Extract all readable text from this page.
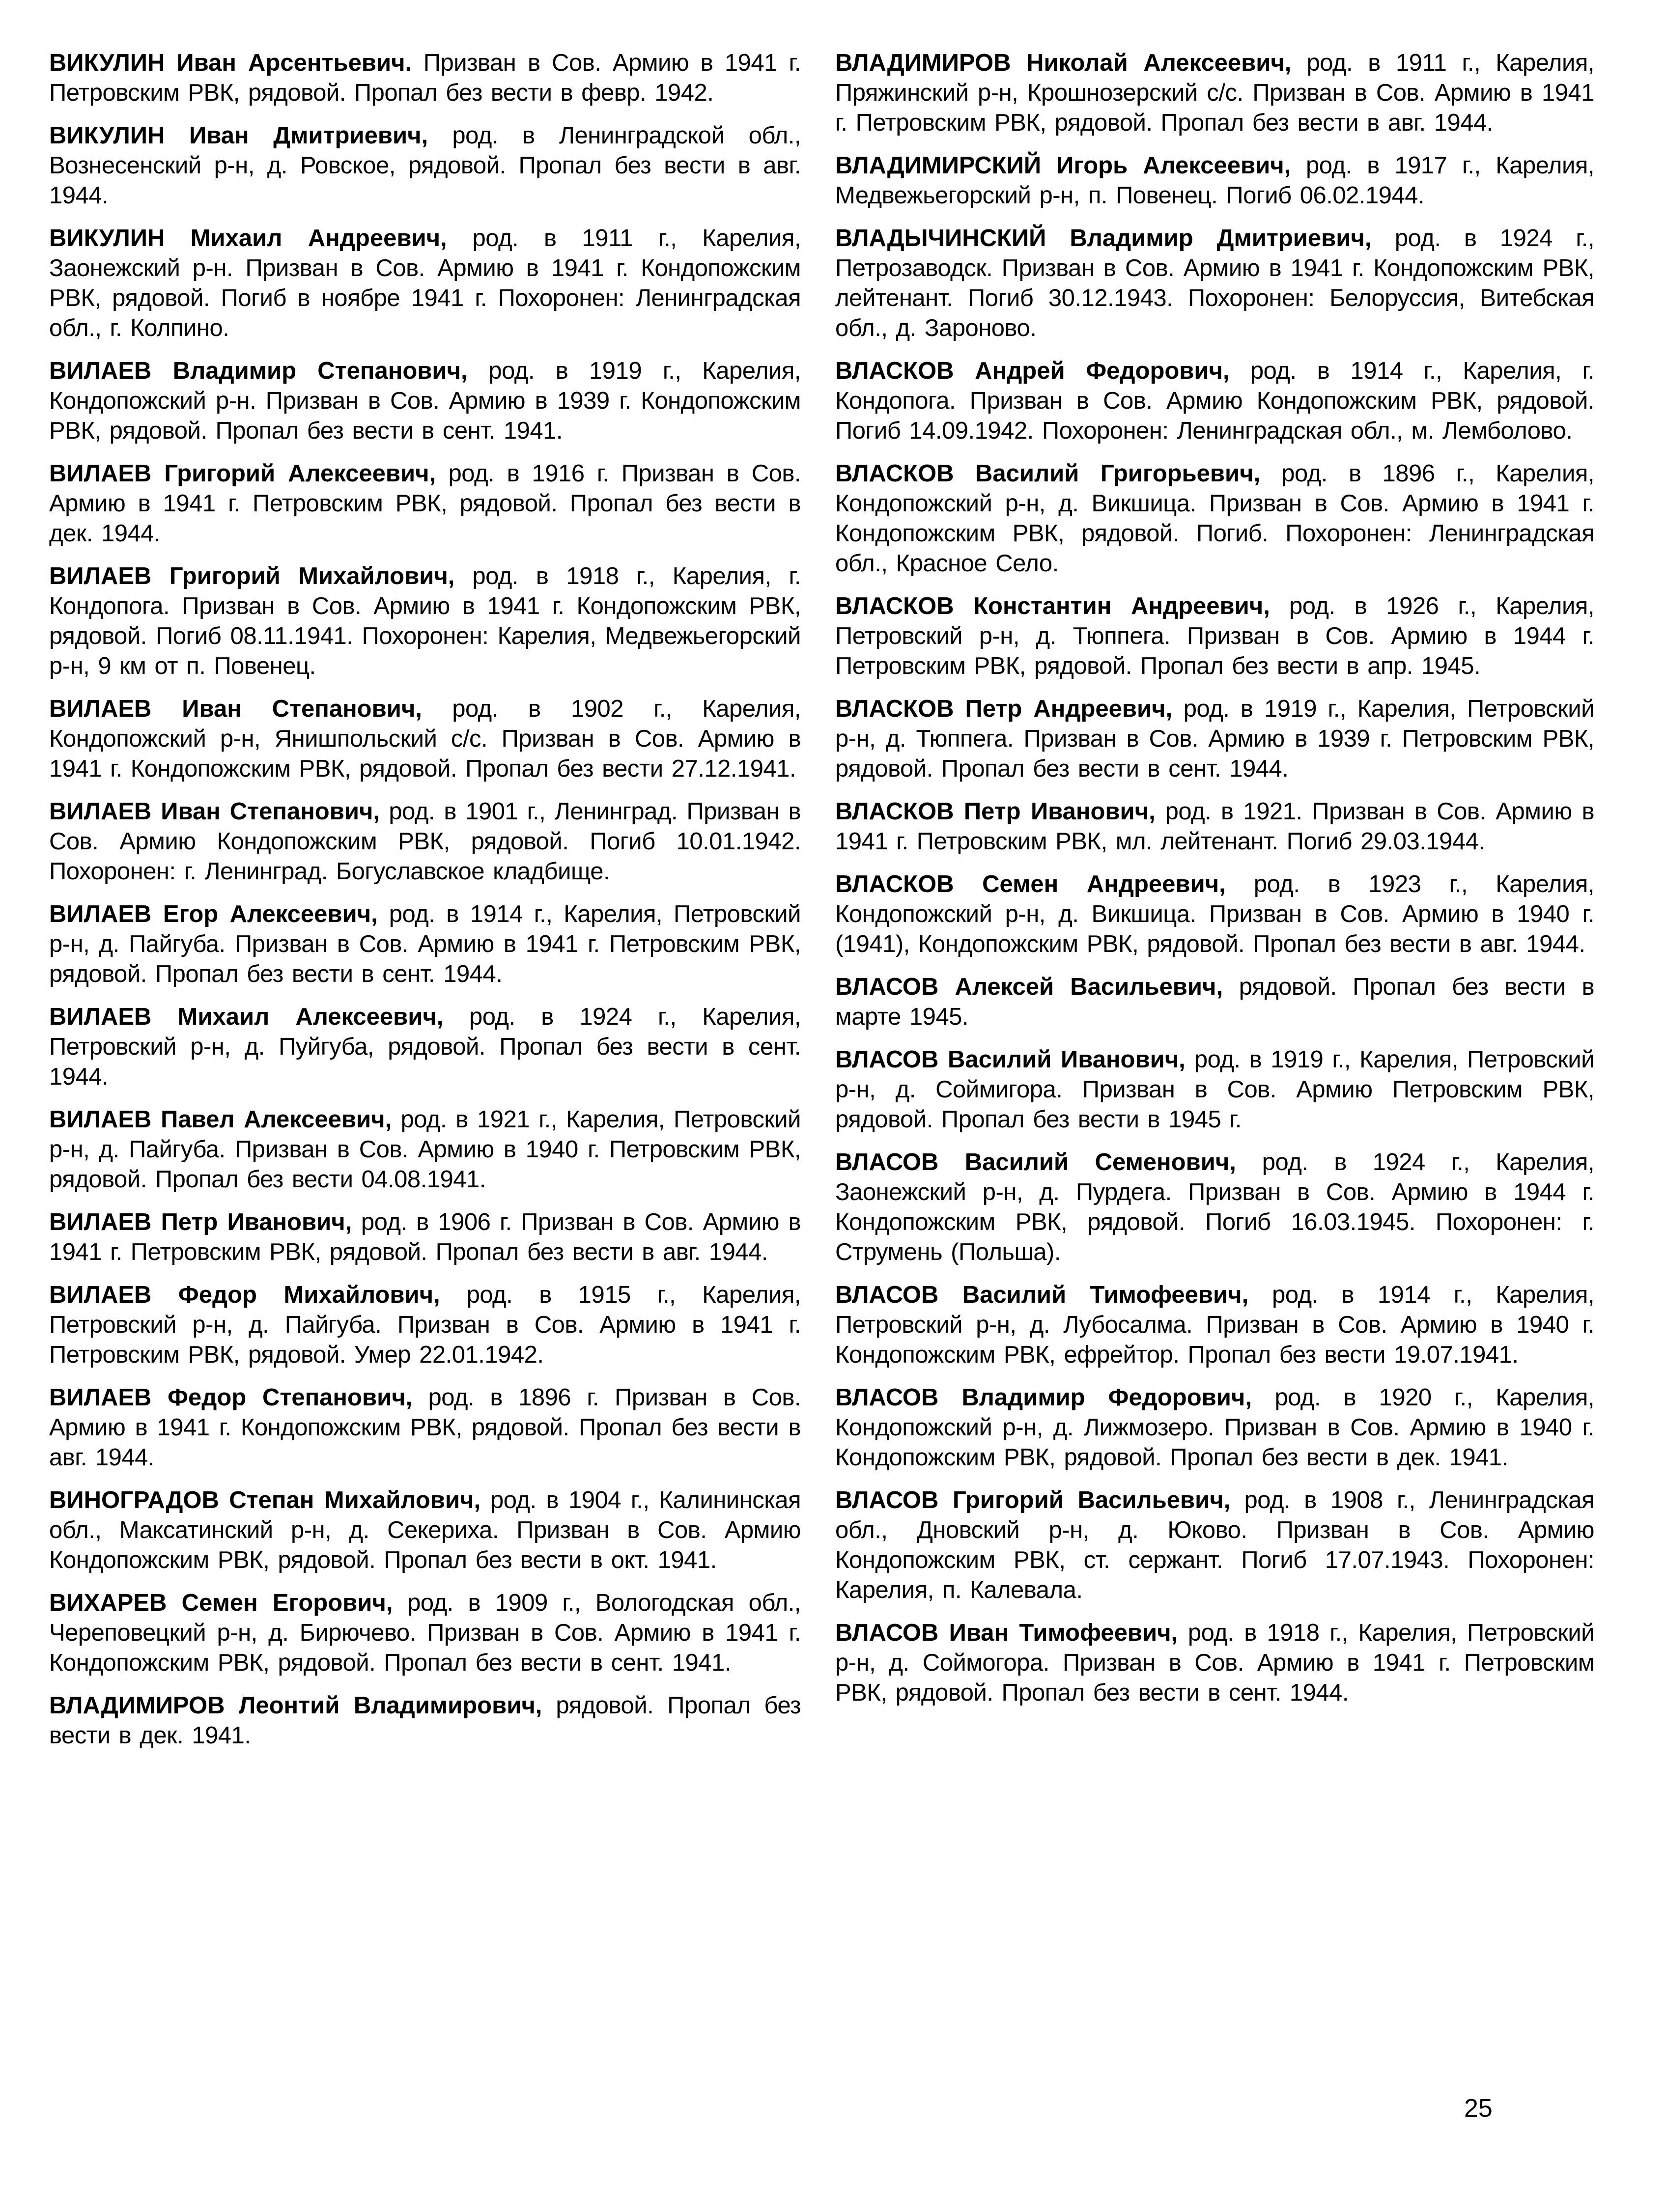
ВИКУЛИН Иван Арсентьевич. Призван в Сов. Армию в 1941 г. Петровским РВК, рядовой. Пропал без вести в февр. 1942.

ВИКУЛИН Иван Дмитриевич, род. в Ленинградской обл., Вознесенский р-н, д. Ровское, рядовой. Пропал без вести в авг. 1944.

ВИКУЛИН Михаил Андреевич, род. в 1911 г., Карелия, Заонежский р-н. Призван в Сов. Армию в 1941 г. Кондопожским РВК, рядовой. Погиб в ноябре 1941 г. Похоронен: Ленинградская обл., г. Колпино.

ВИЛАЕВ Владимир Степанович, род. в 1919 г., Карелия, Кондопожский р-н. Призван в Сов. Армию в 1939 г. Кондопожским РВК, рядовой. Пропал без вести в сент. 1941.

ВИЛАЕВ Григорий Алексеевич, род. в 1916 г. Призван в Сов. Армию в 1941 г. Петровским РВК, рядовой. Пропал без вести в дек. 1944.

ВИЛАЕВ Григорий Михайлович, род. в 1918 г., Карелия, г. Кондопога. Призван в Сов. Армию в 1941 г. Кондопожским РВК, рядовой. Погиб 08.11.1941. Похоронен: Карелия, Медвежьегорский р-н, 9 км от п. Повенец.

ВИЛАЕВ Иван Степанович, род. в 1902 г., Карелия, Кондопожский р-н, Янишпольский с/с. Призван в Сов. Армию в 1941 г. Кондопожским РВК, рядовой. Пропал без вести 27.12.1941.

ВИЛАЕВ Иван Степанович, род. в 1901 г., Ленинград. Призван в Сов. Армию Кондопожским РВК, рядовой. Погиб 10.01.1942. Похоронен: г. Ленинград. Богуславское кладбище.

ВИЛАЕВ Егор Алексеевич, род. в 1914 г., Карелия, Петровский р-н, д. Пайгуба. Призван в Сов. Армию в 1941 г. Петровским РВК, рядовой. Пропал без вести в сент. 1944.

ВИЛАЕВ Михаил Алексеевич, род. в 1924 г., Карелия, Петровский р-н, д. Пуйгуба, рядовой. Пропал без вести в сент. 1944.

ВИЛАЕВ Павел Алексеевич, род. в 1921 г., Карелия, Петровский р-н, д. Пайгуба. Призван в Сов. Армию в 1940 г. Петровским РВК, рядовой. Пропал без вести 04.08.1941.

ВИЛАЕВ Петр Иванович, род. в 1906 г. Призван в Сов. Армию в 1941 г. Петровским РВК, рядовой. Пропал без вести в авг. 1944.

ВИЛАЕВ Федор Михайлович, род. в 1915 г., Карелия, Петровский р-н, д. Пайгуба. Призван в Сов. Армию в 1941 г. Петровским РВК, рядовой. Умер 22.01.1942.

ВИЛАЕВ Федор Степанович, род. в 1896 г. Призван в Сов. Армию в 1941 г. Кондопожским РВК, рядовой. Пропал без вести в авг. 1944.

ВИНОГРАДОВ Степан Михайлович, род. в 1904 г., Калининская обл., Максатинский р-н, д. Секериха. Призван в Сов. Армию Кондопожским РВК, рядовой. Пропал без вести в окт. 1941.

ВИХАРЕВ Семен Егорович, род. в 1909 г., Вологодская обл., Череповецкий р-н, д. Бирючево. Призван в Сов. Армию в 1941 г. Кондопожским РВК, рядовой. Пропал без вести в сент. 1941.

ВЛАДИМИРОВ Леонтий Владимирович, рядовой. Пропал без вести в дек. 1941.

ВЛАДИМИРОВ Николай Алексеевич, род. в 1911 г., Карелия, Пряжинский р-н, Крошнозерский с/с. Призван в Сов. Армию в 1941 г. Петровским РВК, рядовой. Пропал без вести в авг. 1944.

ВЛАДИМИРСКИЙ Игорь Алексеевич, род. в 1917 г., Карелия, Медвежьегорский р-н, п. Повенец. Погиб 06.02.1944.

ВЛАДЫЧИНСКИЙ Владимир Дмитриевич, род. в 1924 г., Петрозаводск. Призван в Сов. Армию в 1941 г. Кондопожским РВК, лейтенант. Погиб 30.12.1943. Похоронен: Белоруссия, Витебская обл., д. Зароново.

ВЛАСКОВ Андрей Федорович, род. в 1914 г., Карелия, г. Кондопога. Призван в Сов. Армию Кондопожским РВК, рядовой. Погиб 14.09.1942. Похоронен: Ленинградская обл., м. Лемболово.

ВЛАСКОВ Василий Григорьевич, род. в 1896 г., Карелия, Кондопожский р-н, д. Викшица. Призван в Сов. Армию в 1941 г. Кондопожским РВК, рядовой. Погиб. Похоронен: Ленинградская обл., Красное Село.

ВЛАСКОВ Константин Андреевич, род. в 1926 г., Карелия, Петровский р-н, д. Тюппега. Призван в Сов. Армию в 1944 г. Петровским РВК, рядовой. Пропал без вести в апр. 1945.

ВЛАСКОВ Петр Андреевич, род. в 1919 г., Карелия, Петровский р-н, д. Тюппега. Призван в Сов. Армию в 1939 г. Петровским РВК, рядовой. Пропал без вести в сент. 1944.

ВЛАСКОВ Петр Иванович, род. в 1921. Призван в Сов. Армию в 1941 г. Петровским РВК, мл. лейтенант. Погиб 29.03.1944.

ВЛАСКОВ Семен Андреевич, род. в 1923 г., Карелия, Кондопожский р-н, д. Викшица. Призван в Сов. Армию в 1940 г. (1941), Кондопожским РВК, рядовой. Пропал без вести в авг. 1944.

ВЛАСОВ Алексей Васильевич, рядовой. Пропал без вести в марте 1945.

ВЛАСОВ Василий Иванович, род. в 1919 г., Карелия, Петровский р-н, д. Соймигора. Призван в Сов. Армию Петровским РВК, рядовой. Пропал без вести в 1945 г.

ВЛАСОВ Василий Семенович, род. в 1924 г., Карелия, Заонежский р-н, д. Пурдега. Призван в Сов. Армию в 1944 г. Кондопожским РВК, рядовой. Погиб 16.03.1945. Похоронен: г. Струмень (Польша).

ВЛАСОВ Василий Тимофеевич, род. в 1914 г., Карелия, Петровский р-н, д. Лубосалма. Призван в Сов. Армию в 1940 г. Кондопожским РВК, ефрейтор. Пропал без вести 19.07.1941.

ВЛАСОВ Владимир Федорович, род. в 1920 г., Карелия, Кондопожский р-н, д. Лижмозеро. Призван в Сов. Армию в 1940 г. Кондопожским РВК, рядовой. Пропал без вести в дек. 1941.

ВЛАСОВ Григорий Васильевич, род. в 1908 г., Ленинградская обл., Дновский р-н, д. Юково. Призван в Сов. Армию Кондопожским РВК, ст. сержант. Погиб 17.07.1943. Похоронен: Карелия, п. Калевала.

ВЛАСОВ Иван Тимофеевич, род. в 1918 г., Карелия, Петровский р-н, д. Соймогора. Призван в Сов. Армию в 1941 г. Петровским РВК, рядовой. Пропал без вести в сент. 1944.

25
